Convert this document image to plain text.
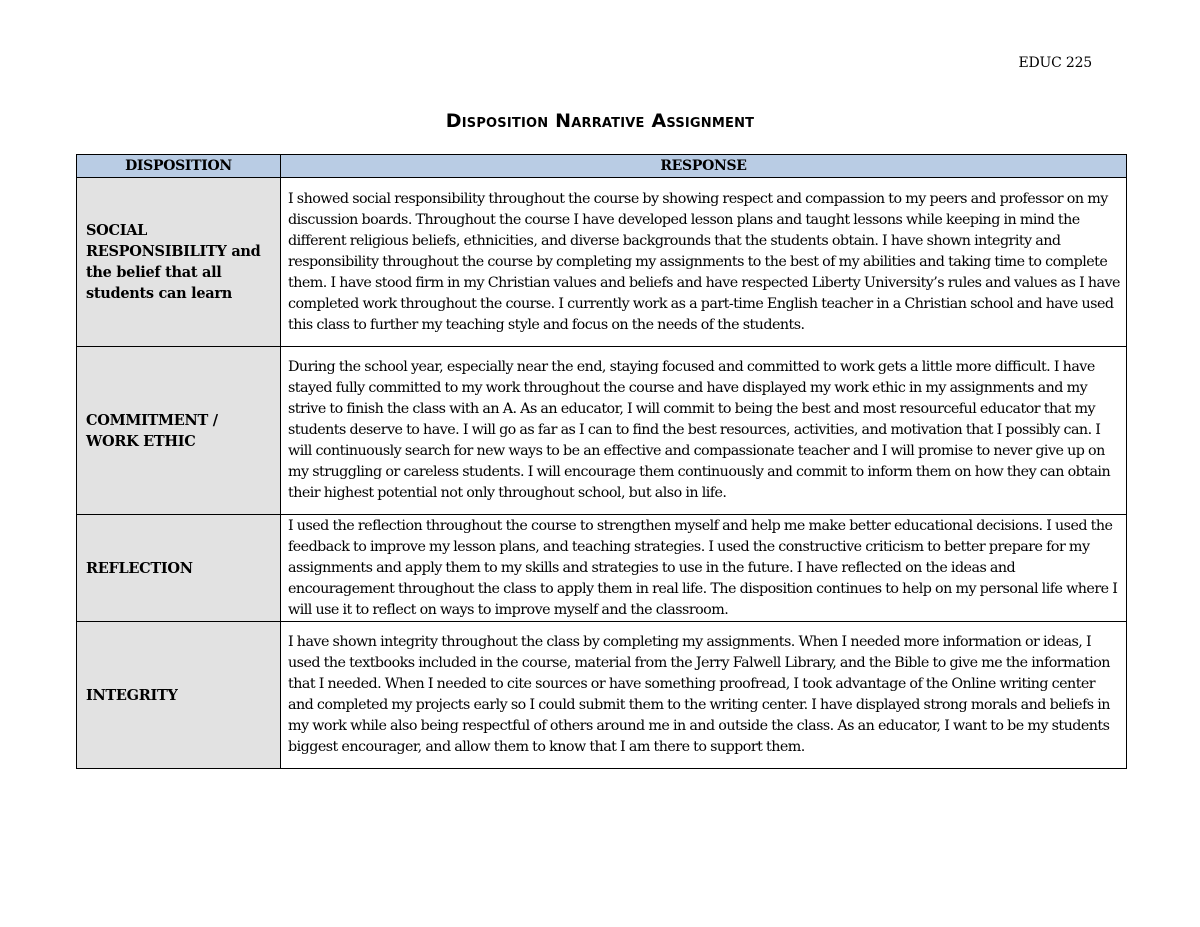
EDUC 225
Disposition Narrative Assignment
DISPOSITION	RESPONSE
SOCIAL RESPONSIBILITY and the belief that all students can learn	I showed social responsibility throughout the course by showing respect and compassion to my peers and professor on my discussion boards. Throughout the course I have developed lesson plans and taught lessons while keeping in mind the different religious beliefs, ethnicities, and diverse backgrounds that the students obtain. I have shown integrity and responsibility throughout the course by completing my assignments to the best of my abilities and taking time to complete them. I have stood firm in my Christian values and beliefs and have respected Liberty University’s rules and values as I have completed work throughout the course. I currently work as a part-time English teacher in a Christian school and have used this class to further my teaching style and focus on the needs of the students.
COMMITMENT / WORK ETHIC	During the school year, especially near the end, staying focused and committed to work gets a little more difficult. I have stayed fully committed to my work throughout the course and have displayed my work ethic in my assignments and my strive to finish the class with an A. As an educator, I will commit to being the best and most resourceful educator that my students deserve to have. I will go as far as I can to find the best resources, activities, and motivation that I possibly can. I will continuously search for new ways to be an effective and compassionate teacher and I will promise to never give up on my struggling or careless students. I will encourage them continuously and commit to inform them on how they can obtain their highest potential not only throughout school, but also in life.
REFLECTION	I used the reflection throughout the course to strengthen myself and help me make better educational decisions. I used the feedback to improve my lesson plans, and teaching strategies. I used the constructive criticism to better prepare for my assignments and apply them to my skills and strategies to use in the future. I have reflected on the ideas and encouragement throughout the class to apply them in real life. The disposition continues to help on my personal life where I will use it to reflect on ways to improve myself and the classroom.
INTEGRITY	I have shown integrity throughout the class by completing my assignments. When I needed more information or ideas, I used the textbooks included in the course, material from the Jerry Falwell Library, and the Bible to give me the information that I needed. When I needed to cite sources or have something proofread, I took advantage of the Online writing center and completed my projects early so I could submit them to the writing center. I have displayed strong morals and beliefs in my work while also being respectful of others around me in and outside the class. As an educator, I want to be my students biggest encourager, and allow them to know that I am there to support them.
